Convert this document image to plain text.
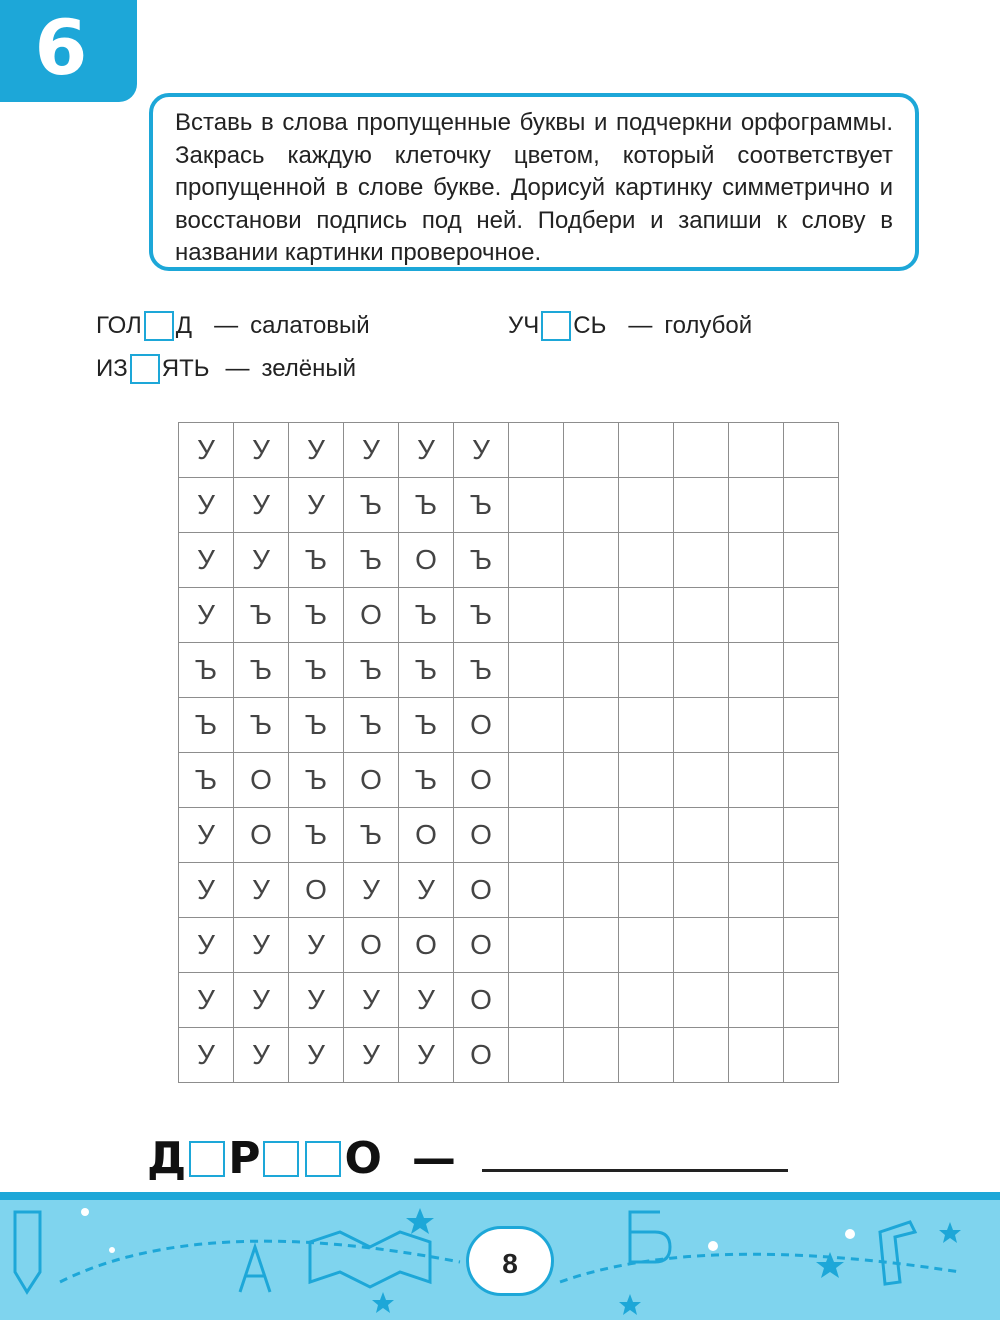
6

Вставь в слова пропущенные буквы и подчеркни орфограммы. Закрась каждую клеточку цветом, который соответствует пропущенной в слове букве. Дорисуй картинку симметрично и восстанови подпись под ней. Подбери и запиши к слову в названии картинки проверочное.

ГОЛ Д — салатовый	УЧ СЬ — голубой
ИЗ ЯТЬ — зелёный
У	У	У	У	У	У						
У	У	У	Ъ	Ъ	Ъ						
У	У	Ъ	Ъ	О	Ъ						
У	Ъ	Ъ	О	Ъ	Ъ						
Ъ	Ъ	Ъ	Ъ	Ъ	Ъ						
Ъ	Ъ	Ъ	Ъ	Ъ	О						
Ъ	О	Ъ	О	Ъ	О						
У	О	Ъ	Ъ	О	О						
У	У	О	У	У	О						
У	У	У	О	О	О						
У	У	У	У	У	О						
У	У	У	У	У	О						
Д Р О —
8
